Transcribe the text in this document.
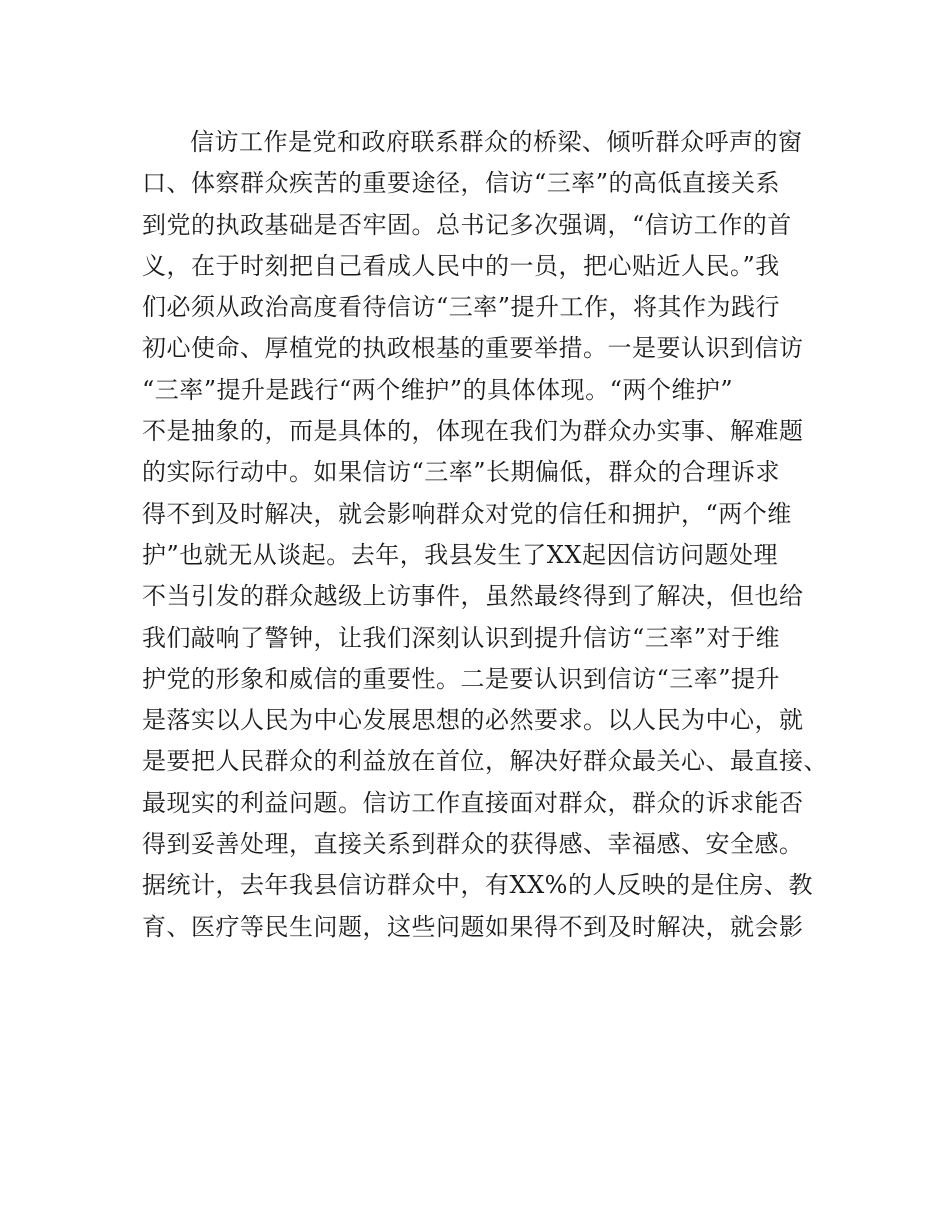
信访工作是党和政府联系群众的桥梁、倾听群众呼声的窗
口、体察群众疾苦的重要途径，信访“三率”的高低直接关系
到党的执政基础是否牢固。总书记多次强调，“信访工作的首
义，在于时刻把自己看成人民中的一员，把心贴近人民。”我
们必须从政治高度看待信访“三率”提升工作，将其作为践行
初心使命、厚植党的执政根基的重要举措。一是要认识到信访
“三率”提升是践行“两个维护”的具体体现。“两个维护”
不是抽象的，而是具体的，体现在我们为群众办实事、解难题
的实际行动中。如果信访“三率”长期偏低，群众的合理诉求
得不到及时解决，就会影响群众对党的信任和拥护，“两个维
护”也就无从谈起。去年，我县发生了XX起因信访问题处理
不当引发的群众越级上访事件，虽然最终得到了解决，但也给
我们敲响了警钟，让我们深刻认识到提升信访“三率”对于维
护党的形象和威信的重要性。二是要认识到信访“三率”提升
是落实以人民为中心发展思想的必然要求。以人民为中心，就
是要把人民群众的利益放在首位，解决好群众最关心、最直接、
最现实的利益问题。信访工作直接面对群众，群众的诉求能否
得到妥善处理，直接关系到群众的获得感、幸福感、安全感。
据统计，去年我县信访群众中，有XX%的人反映的是住房、教
育、医疗等民生问题，这些问题如果得不到及时解决，就会影
